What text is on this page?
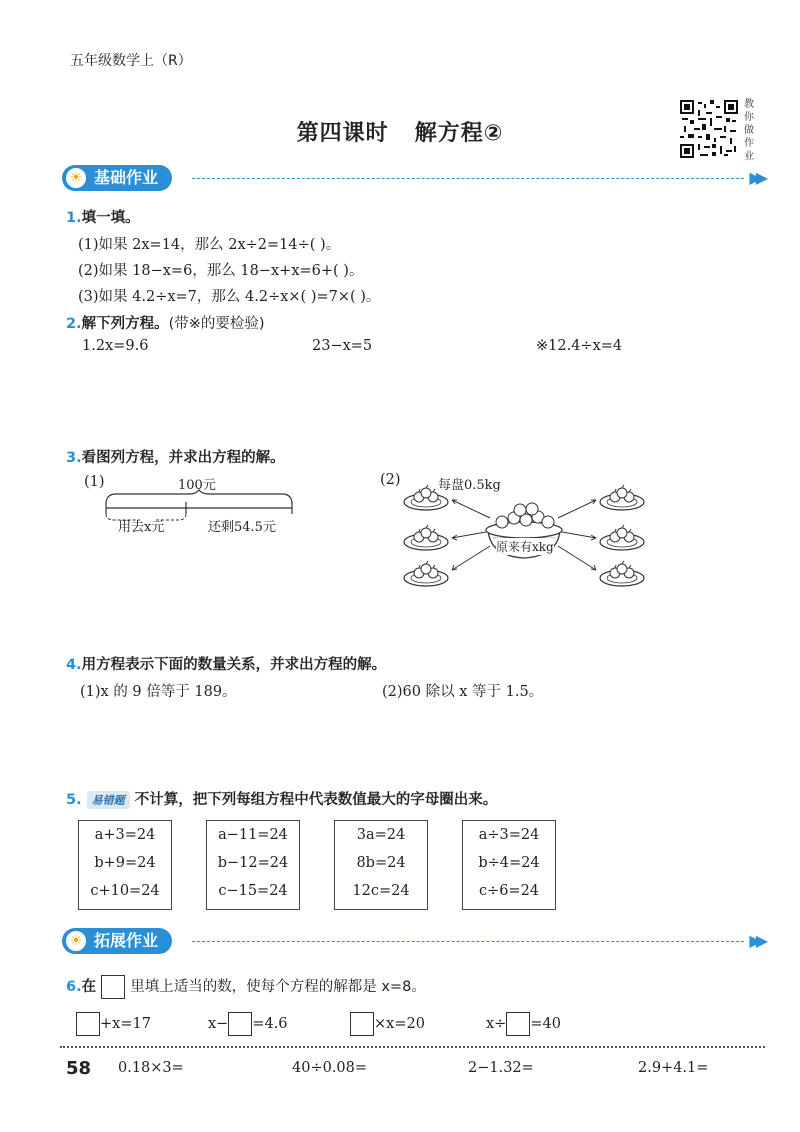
五年级数学上（R）
第四课时 解方程②
教
你
做
作
业
☀ 基础作业	▶▶
1.填一填。
(1)如果 2x=14，那么 2x÷2=14÷( )。
(2)如果 18−x=6，那么 18−x+x=6+( )。
(3)如果 4.2÷x=7，那么 4.2÷x×( )=7×( )。
2.解下列方程。(带※的要检验)
1.2x=9.6	23−x=5	※12.4÷x=4
3.看图列方程，并求出方程的解。
(1)	100元
用去x元	还剩54.5元
(2)	每盘0.5kg
原来有xkg
4.用方程表示下面的数量关系，并求出方程的解。
(1)x 的 9 倍等于 189。	(2)60 除以 x 等于 1.5。
5. 易错题 不计算，把下列每组方程中代表数值最大的字母圈出来。
a+3=24
b+9=24
c+10=24
a−11=24
b−12=24
c−15=24
3a=24
8b=24
12c=24
a÷3=24
b÷4=24
c÷6=24
☀ 拓展作业	▶▶
6.在 里填上适当的数，使每个方程的解都是 x=8。
+x=17	x− =4.6	×x=20	x÷ =40
58 0.18×3=	40÷0.08=	2−1.32=	2.9+4.1=
